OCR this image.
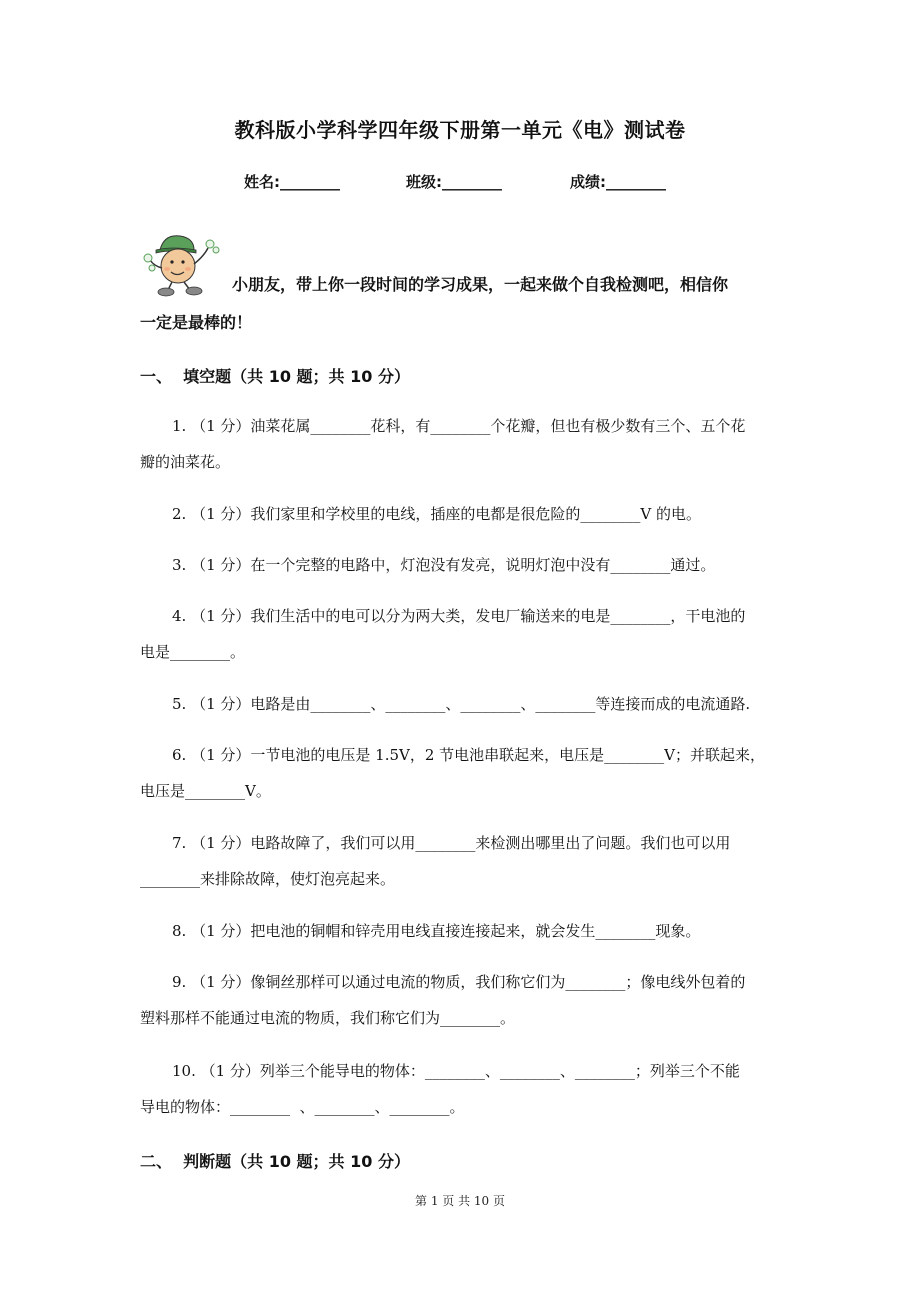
教科版小学科学四年级下册第一单元《电》测试卷
姓名:________	班级:________	成绩:________
小朋友，带上你一段时间的学习成果，一起来做个自我检测吧，相信你
一定是最棒的！
一、  填空题（共 10 题；共 10 分）
1. （1 分）油菜花属________花科，有________个花瓣，但也有极少数有三个、五个花
瓣的油菜花。
2. （1 分）我们家里和学校里的电线，插座的电都是很危险的________V 的电。
3. （1 分）在一个完整的电路中，灯泡没有发亮，说明灯泡中没有________通过。
4. （1 分）我们生活中的电可以分为两大类，发电厂输送来的电是________，干电池的
电是________。
5. （1 分）电路是由________、________、________、________等连接而成的电流通路.
6. （1 分）一节电池的电压是 1.5V，2 节电池串联起来，电压是________V；并联起来，
电压是________V。
7. （1 分）电路故障了，我们可以用________来检测出哪里出了问题。我们也可以用
________来排除故障，使灯泡亮起来。
8. （1 分）把电池的铜帽和锌壳用电线直接连接起来，就会发生________现象。
9. （1 分）像铜丝那样可以通过电流的物质，我们称它们为________；像电线外包着的
塑料那样不能通过电流的物质，我们称它们为________。
10. （1 分）列举三个能导电的物体：________、________、________；列举三个不能
导电的物体：________  、________、________。
二、  判断题（共 10 题；共 10 分）
第 1 页 共 10 页
